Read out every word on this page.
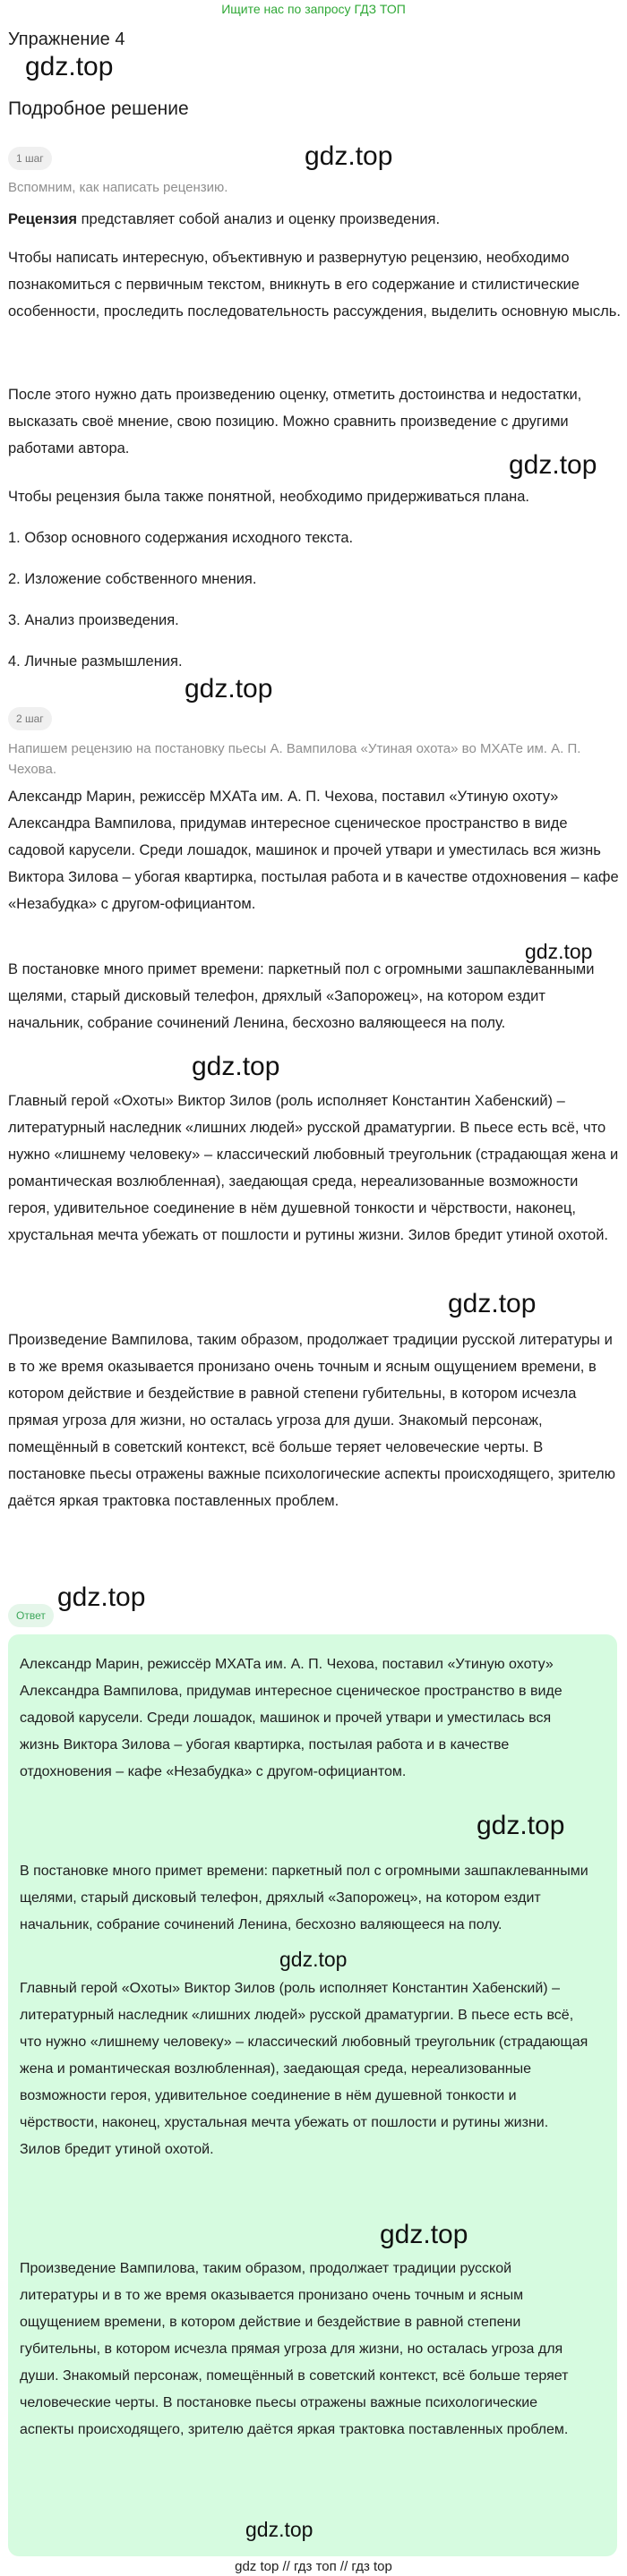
Ищите нас по запросу ГДЗ ТОП
Упражнение 4
gdz.top
Подробное решение
1 шаг	gdz.top
Вспомним, как написать рецензию.
Рецензия представляет собой анализ и оценку произведения.
Чтобы написать интересную, объективную и развернутую рецензию, необходимо познакомиться с первичным текстом, вникнуть в его содержание и стилистические особенности, проследить последовательность рассуждения, выделить основную мысль.
После этого нужно дать произведению оценку, отметить достоинства и недостатки, высказать своё мнение, свою позицию. Можно сравнить произведение с другими работами автора.
gdz.top
Чтобы рецензия была также понятной, необходимо придерживаться плана.
1. Обзор основного содержания исходного текста.
2. Изложение собственного мнения.
3. Анализ произведения.
4. Личные размышления.
gdz.top
2 шаг
Напишем рецензию на постановку пьесы А. Вампилова «Утиная охота» во МХАТе им. А. П. Чехова.
Александр Марин, режиссёр МХАТа им. А. П. Чехова, поставил «Утиную охоту» Александра Вампилова, придумав интересное сценическое пространство в виде садовой карусели. Среди лошадок, машинок и прочей утвари и уместилась вся жизнь Виктора Зилова – убогая квартирка, постылая работа и в качестве отдохновения – кафе «Незабудка» с другом-официантом.
gdz.top
В постановке много примет времени: паркетный пол с огромными зашпаклеванными щелями, старый дисковый телефон, дряхлый «Запорожец», на котором ездит начальник, собрание сочинений Ленина, бесхозно валяющееся на полу.
gdz.top
Главный герой «Охоты» Виктор Зилов (роль исполняет Константин Хабенский) – литературный наследник «лишних людей» русской драматургии. В пьесе есть всё, что нужно «лишнему человеку» – классический любовный треугольник (страдающая жена и романтическая возлюбленная), заедающая среда, нереализованные возможности героя, удивительное соединение в нём душевной тонкости и чёрствости, наконец, хрустальная мечта убежать от пошлости и рутины жизни. Зилов бредит утиной охотой.
gdz.top
Произведение Вампилова, таким образом, продолжает традиции русской литературы и в то же время оказывается пронизано очень точным и ясным ощущением времени, в котором действие и бездействие в равной степени губительны, в котором исчезла прямая угроза для жизни, но осталась угроза для души. Знакомый персонаж, помещённый в советский контекст, всё больше теряет человеческие черты. В постановке пьесы отражены важные психологические аспекты происходящего, зрителю даётся яркая трактовка поставленных проблем.
Ответ
gdz.top
Александр Марин, режиссёр МХАТа им. А. П. Чехова, поставил «Утиную охоту» Александра Вампилова, придумав интересное сценическое пространство в виде садовой карусели. Среди лошадок, машинок и прочей утвари и уместилась вся жизнь Виктора Зилова – убогая квартирка, постылая работа и в качестве отдохновения – кафе «Незабудка» с другом-официантом.
gdz.top
В постановке много примет времени: паркетный пол с огромными зашпаклеванными щелями, старый дисковый телефон, дряхлый «Запорожец», на котором ездит начальник, собрание сочинений Ленина, бесхозно валяющееся на полу.
gdz.top
Главный герой «Охоты» Виктор Зилов (роль исполняет Константин Хабенский) – литературный наследник «лишних людей» русской драматургии. В пьесе есть всё, что нужно «лишнему человеку» – классический любовный треугольник (страдающая жена и романтическая возлюбленная), заедающая среда, нереализованные возможности героя, удивительное соединение в нём душевной тонкости и чёрствости, наконец, хрустальная мечта убежать от пошлости и рутины жизни. Зилов бредит утиной охотой.
gdz.top
Произведение Вампилова, таким образом, продолжает традиции русской литературы и в то же время оказывается пронизано очень точным и ясным ощущением времени, в котором действие и бездействие в равной степени губительны, в котором исчезла прямая угроза для жизни, но осталась угроза для души. Знакомый персонаж, помещённый в советский контекст, всё больше теряет человеческие черты. В постановке пьесы отражены важные психологические аспекты происходящего, зрителю даётся яркая трактовка поставленных проблем.
gdz.top
gdz top // гдз топ // гдз top
